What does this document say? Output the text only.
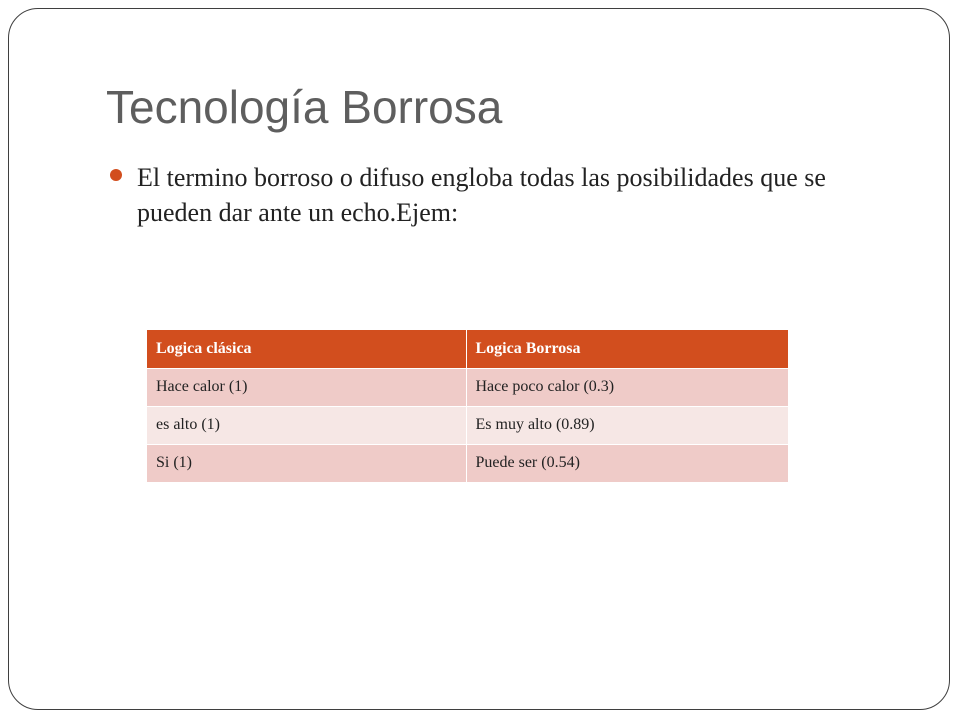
Tecnología Borrosa
El termino borroso o difuso engloba todas las posibilidades que se pueden dar ante un echo.Ejem:
Logica clásica	Logica Borrosa
Hace calor (1)	Hace poco calor (0.3)
es alto (1)	Es muy alto (0.89)
Si (1)	Puede ser (0.54)
